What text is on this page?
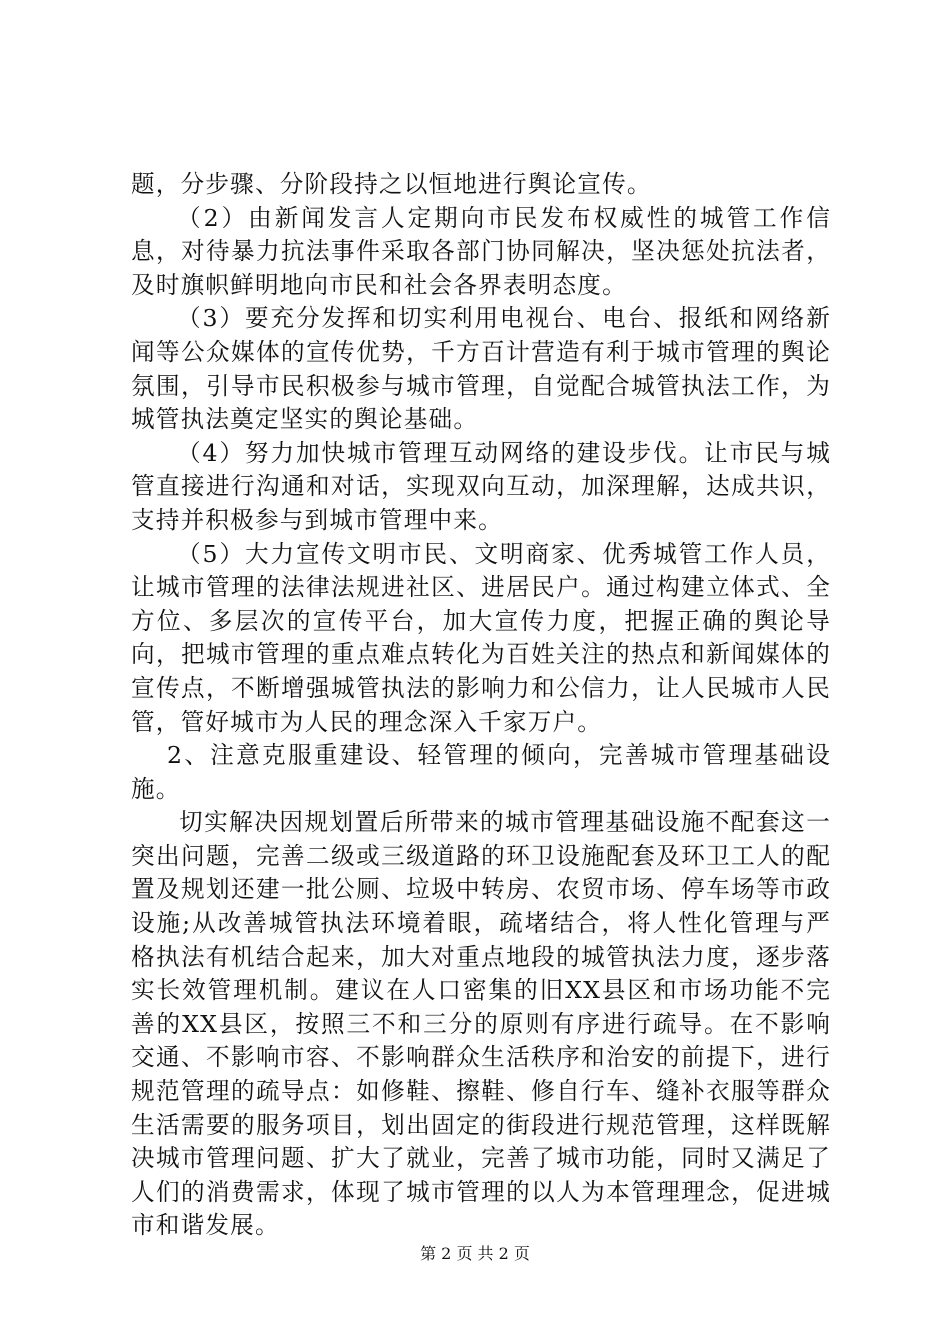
题，分步骤、分阶段持之以恒地进行舆论宣传。

（2）由新闻发言人定期向市民发布权威性的城管工作信息，对待暴力抗法事件采取各部门协同解决，坚决惩处抗法者，及时旗帜鲜明地向市民和社会各界表明态度。

（3）要充分发挥和切实利用电视台、电台、报纸和网络新闻等公众媒体的宣传优势，千方百计营造有利于城市管理的舆论氛围，引导市民积极参与城市管理，自觉配合城管执法工作，为城管执法奠定坚实的舆论基础。

（4）努力加快城市管理互动网络的建设步伐。让市民与城管直接进行沟通和对话，实现双向互动，加深理解，达成共识，支持并积极参与到城市管理中来。

（5）大力宣传文明市民、文明商家、优秀城管工作人员，让城市管理的法律法规进社区、进居民户。通过构建立体式、全方位、多层次的宣传平台，加大宣传力度，把握正确的舆论导向，把城市管理的重点难点转化为百姓关注的热点和新闻媒体的宣传点，不断增强城管执法的影响力和公信力，让人民城市人民管，管好城市为人民的理念深入千家万户。

2、注意克服重建设、轻管理的倾向，完善城市管理基础设施。

切实解决因规划置后所带来的城市管理基础设施不配套这一突出问题，完善二级或三级道路的环卫设施配套及环卫工人的配置及规划还建一批公厕、垃圾中转房、农贸市场、停车场等市政设施;从改善城管执法环境着眼，疏堵结合，将人性化管理与严格执法有机结合起来，加大对重点地段的城管执法力度，逐步落实长效管理机制。建议在人口密集的旧XX县区和市场功能不完善的XX县区，按照三不和三分的原则有序进行疏导。在不影响交通、不影响市容、不影响群众生活秩序和治安的前提下，进行规范管理的疏导点：如修鞋、擦鞋、修自行车、缝补衣服等群众生活需要的服务项目，划出固定的街段进行规范管理，这样既解决城市管理问题、扩大了就业，完善了城市功能，同时又满足了人们的消费需求，体现了城市管理的以人为本管理理念，促进城市和谐发展。

第 2 页 共 2 页
